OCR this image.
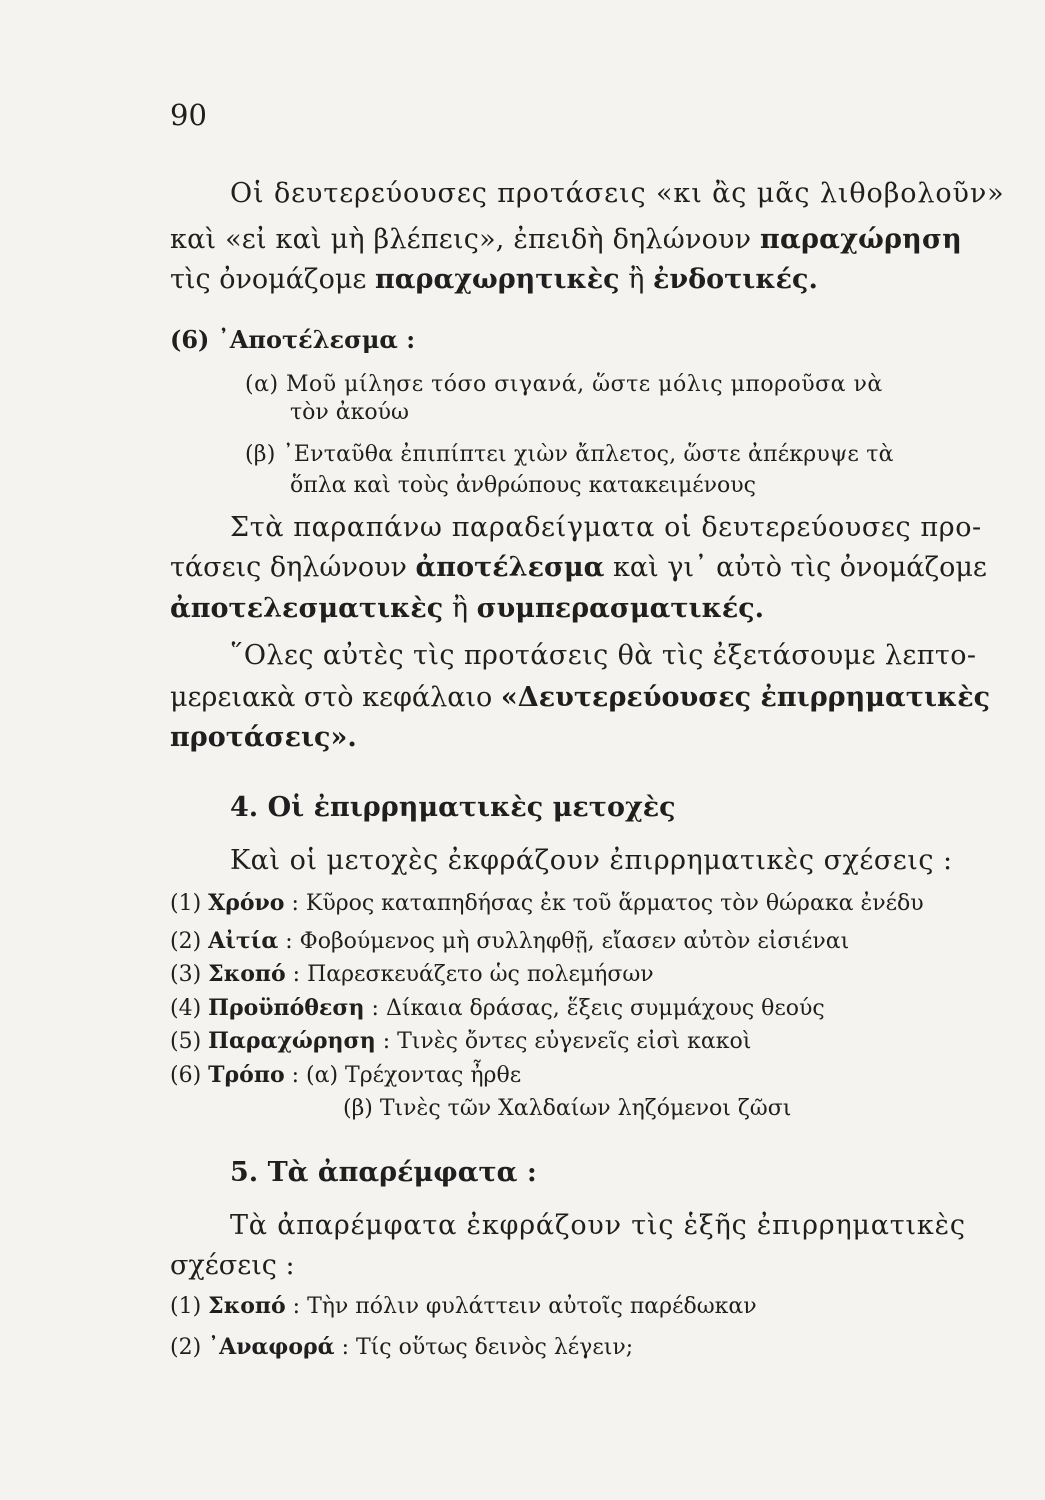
90
Οἱ δευτερεύουσες προτάσεις «κι ἂς μᾶς λιθοβολοῦν»
καὶ «εἰ καὶ μὴ βλέπεις», ἐπειδὴ δηλώνουν παραχώρηση
τὶς ὀνομάζομε παραχωρητικὲς ἢ ἐνδοτικές.
(6) ᾿Αποτέλεσμα :
(α) Μοῦ μίλησε τόσο σιγανά, ὥστε μόλις μποροῦσα νὰ
τὸν ἀκούω
(β) ᾿Ενταῦθα ἐπιπίπτει χιὼν ἄπλετος, ὥστε ἀπέκρυψε τὰ
ὅπλα καὶ τοὺς ἀνθρώπους κατακειμένους
Στὰ παραπάνω παραδείγματα οἱ δευτερεύουσες προ-
τάσεις δηλώνουν ἀποτέλεσμα καὶ γι᾿ αὐτὸ τὶς ὀνομάζομε
ἀποτελεσματικὲς ἢ συμπερασματικές.
῞Ολες αὐτὲς τὶς προτάσεις θὰ τὶς ἐξετάσουμε λεπτο-
μερειακὰ στὸ κεφάλαιο «Δευτερεύουσες ἐπιρρηματικὲς
προτάσεις».
4. Οἱ ἐπιρρηματικὲς μετοχὲς
Καὶ οἱ μετοχὲς ἐκφράζουν ἐπιρρηματικὲς σχέσεις :
(1) Χρόνο : Κῦρος καταπηδήσας ἐκ τοῦ ἅρματος τὸν θώρακα ἐνέδυ
(2) Αἰτία : Φοβούμενος μὴ συλληφθῇ, εἴασεν αὐτὸν εἰσιέναι
(3) Σκοπό : Παρεσκευάζετο ὡς πολεμήσων
(4) Προϋπόθεση : Δίκαια δράσας, ἕξεις συμμάχους θεούς
(5) Παραχώρηση : Τινὲς ὄντες εὐγενεῖς εἰσὶ κακοὶ
(6) Τρόπο : (α) Τρέχοντας ἦρθε
(β) Τινὲς τῶν Χαλδαίων ληζόμενοι ζῶσι
5. Τὰ ἀπαρέμφατα :
Τὰ ἀπαρέμφατα ἐκφράζουν τὶς ἑξῆς ἐπιρρηματικὲς
σχέσεις :
(1) Σκοπό : Τὴν πόλιν φυλάττειν αὐτοῖς παρέδωκαν
(2) ᾿Αναφορά : Τίς οὕτως δεινὸς λέγειν;
